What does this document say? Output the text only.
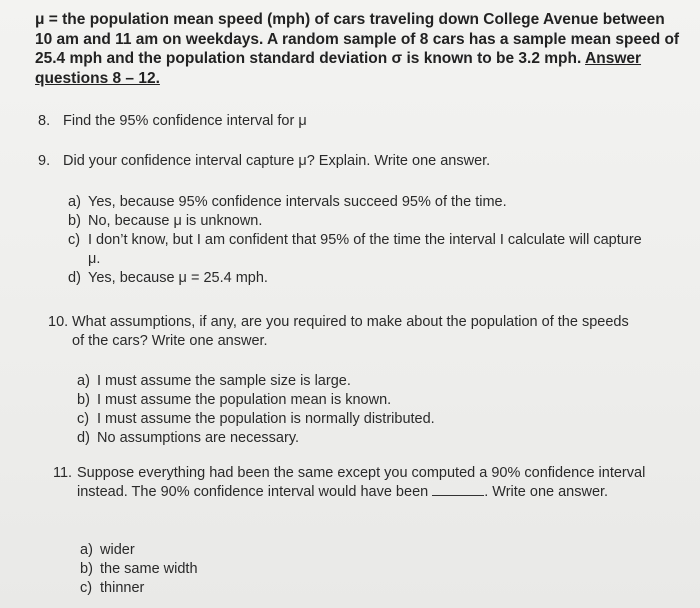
μ = the population mean speed (mph) of cars traveling down College Avenue between 10 am and 11 am on weekdays. A random sample of 8 cars has a sample mean speed of 25.4 mph and the population standard deviation σ is known to be 3.2 mph. Answer questions 8 – 12.
8. Find the 95% confidence interval for μ
9. Did your confidence interval capture μ? Explain. Write one answer.
a) Yes, because 95% confidence intervals succeed 95% of the time.
b) No, because μ is unknown.
c) I don’t know, but I am confident that 95% of the time the interval I calculate will capture μ.
d) Yes, because μ = 25.4 mph.
10. What assumptions, if any, are you required to make about the population of the speeds of the cars? Write one answer.
a) I must assume the sample size is large.
b) I must assume the population mean is known.
c) I must assume the population is normally distributed.
d) No assumptions are necessary.
11. Suppose everything had been the same except you computed a 90% confidence interval instead. The 90% confidence interval would have been	. Write one answer.
a) wider
b) the same width
c) thinner
